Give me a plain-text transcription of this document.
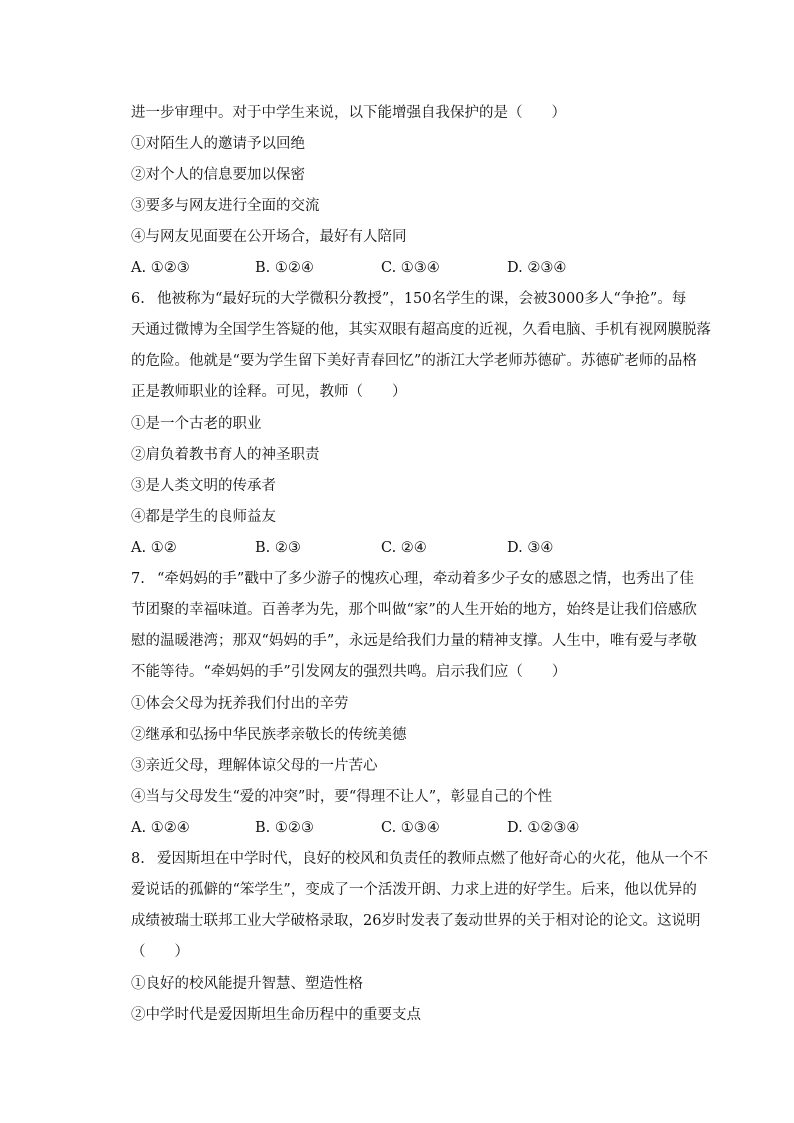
进一步审理中。对于中学生来说，以下能增强自我保护的是（　　）
①对陌生人的邀请予以回绝
②对个人的信息要加以保密
③要多与网友进行全面的交流
④与网友见面要在公开场合，最好有人陪同
A. ①②③	B. ①②④	C. ①③④	D. ②③④
6. 他被称为“最好玩的大学微积分教授”，150名学生的课，会被3000多人“争抢”。每
天通过微博为全国学生答疑的他，其实双眼有超高度的近视，久看电脑、手机有视网膜脱落
的危险。他就是“要为学生留下美好青春回忆”的浙江大学老师苏德矿。苏德矿老师的品格
正是教师职业的诠释。可见，教师（　　）
①是一个古老的职业
②肩负着教书育人的神圣职责
③是人类文明的传承者
④都是学生的良师益友
A. ①②	B. ②③	C. ②④	D. ③④
7. “牵妈妈的手”戳中了多少游子的愧疚心理，牵动着多少子女的感恩之情，也秀出了佳
节团聚的幸福味道。百善孝为先，那个叫做“家”的人生开始的地方，始终是让我们倍感欣
慰的温暖港湾；那双“妈妈的手”，永远是给我们力量的精神支撑。人生中，唯有爱与孝敬
不能等待。“牵妈妈的手”引发网友的强烈共鸣。启示我们应（　　）
①体会父母为抚养我们付出的辛劳
②继承和弘扬中华民族孝亲敬长的传统美德
③亲近父母，理解体谅父母的一片苦心
④当与父母发生“爱的冲突”时，要“得理不让人”，彰显自己的个性
A. ①②④	B. ①②③	C. ①③④	D. ①②③④
8. 爱因斯坦在中学时代，良好的校风和负责任的教师点燃了他好奇心的火花，他从一个不
爱说话的孤僻的“笨学生”，变成了一个活泼开朗、力求上进的好学生。后来，他以优异的
成绩被瑞士联邦工业大学破格录取，26岁时发表了轰动世界的关于相对论的论文。这说明
（　　）
①良好的校风能提升智慧、塑造性格
②中学时代是爱因斯坦生命历程中的重要支点
